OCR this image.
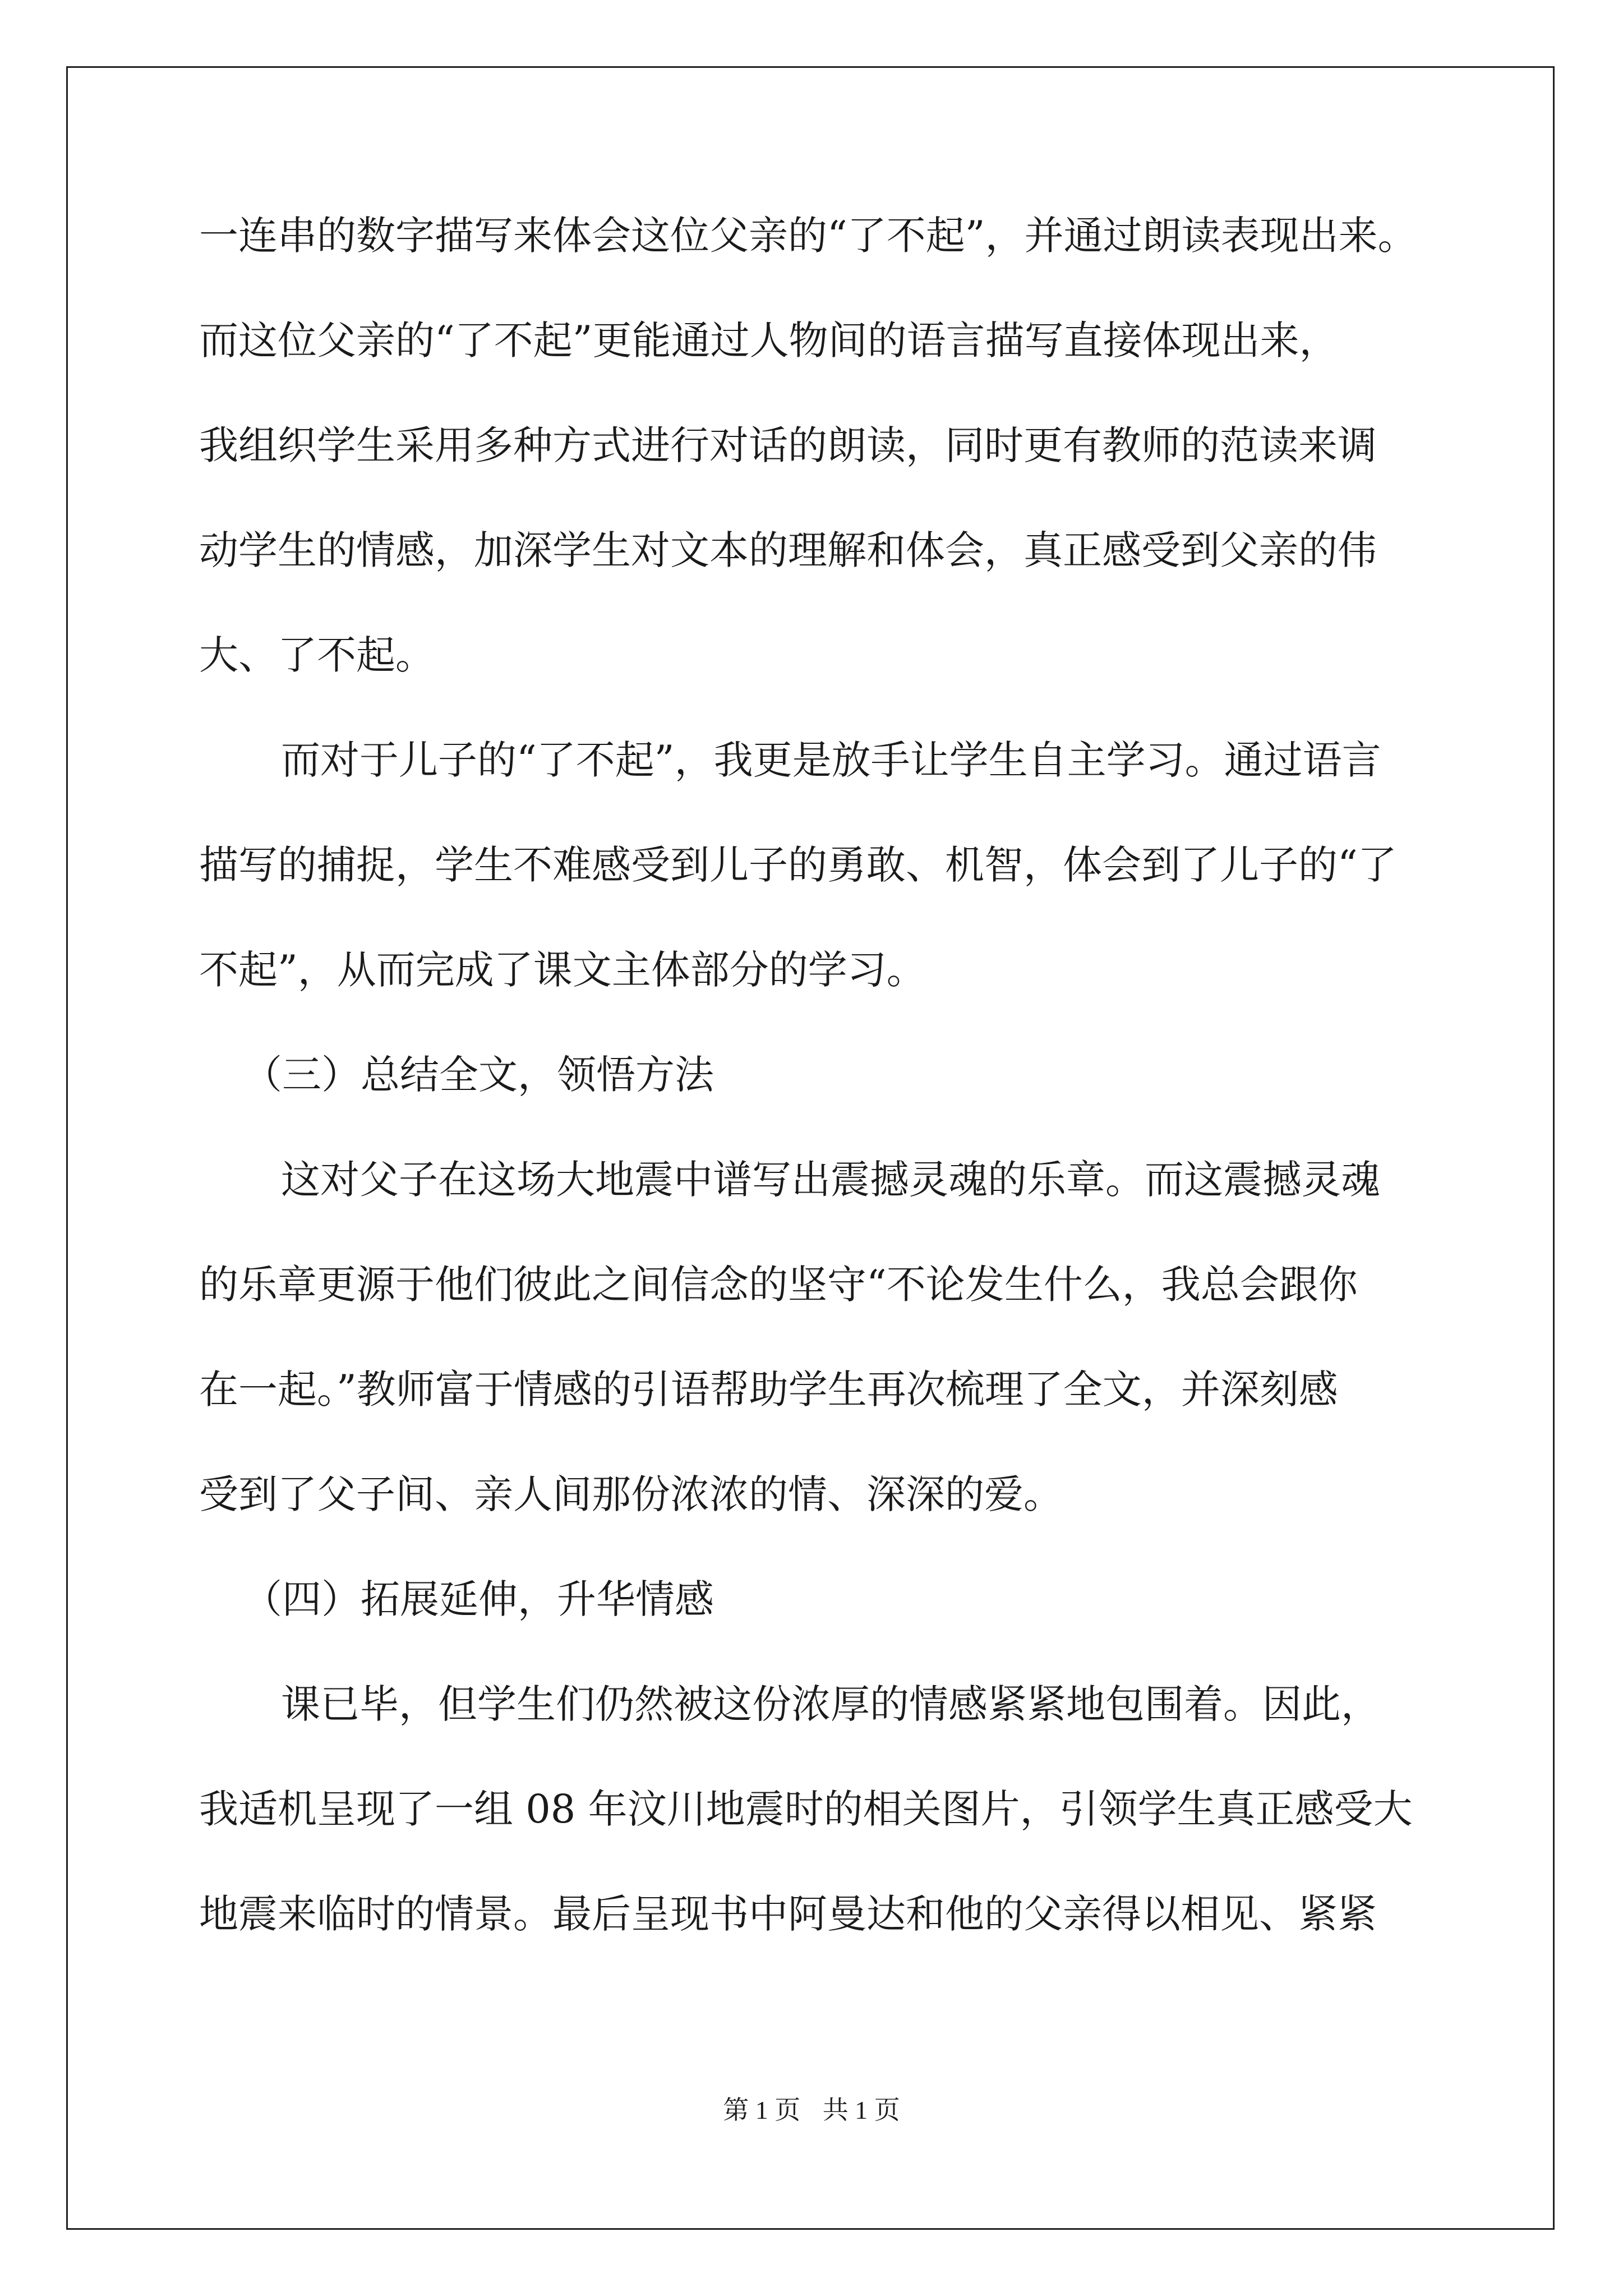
一连串的数字描写来体会这位父亲的“了不起”，并通过朗读表现出来。
而这位父亲的“了不起”更能通过人物间的语言描写直接体现出来，
我组织学生采用多种方式进行对话的朗读，同时更有教师的范读来调
动学生的情感，加深学生对文本的理解和体会，真正感受到父亲的伟
大、了不起。
而对于儿子的“了不起”，我更是放手让学生自主学习。通过语言
描写的捕捉，学生不难感受到儿子的勇敢、机智，体会到了儿子的“了
不起”，从而完成了课文主体部分的学习。
（三）总结全文，领悟方法
这对父子在这场大地震中谱写出震撼灵魂的乐章。而这震撼灵魂
的乐章更源于他们彼此之间信念的坚守“不论发生什么，我总会跟你
在一起。”教师富于情感的引语帮助学生再次梳理了全文，并深刻感
受到了父子间、亲人间那份浓浓的情、深深的爱。
（四）拓展延伸，升华情感
课已毕，但学生们仍然被这份浓厚的情感紧紧地包围着。因此，
我适机呈现了一组 08 年汶川地震时的相关图片，引领学生真正感受大
地震来临时的情景。最后呈现书中阿曼达和他的父亲得以相见、紧紧
第 1 页 共 1 页
